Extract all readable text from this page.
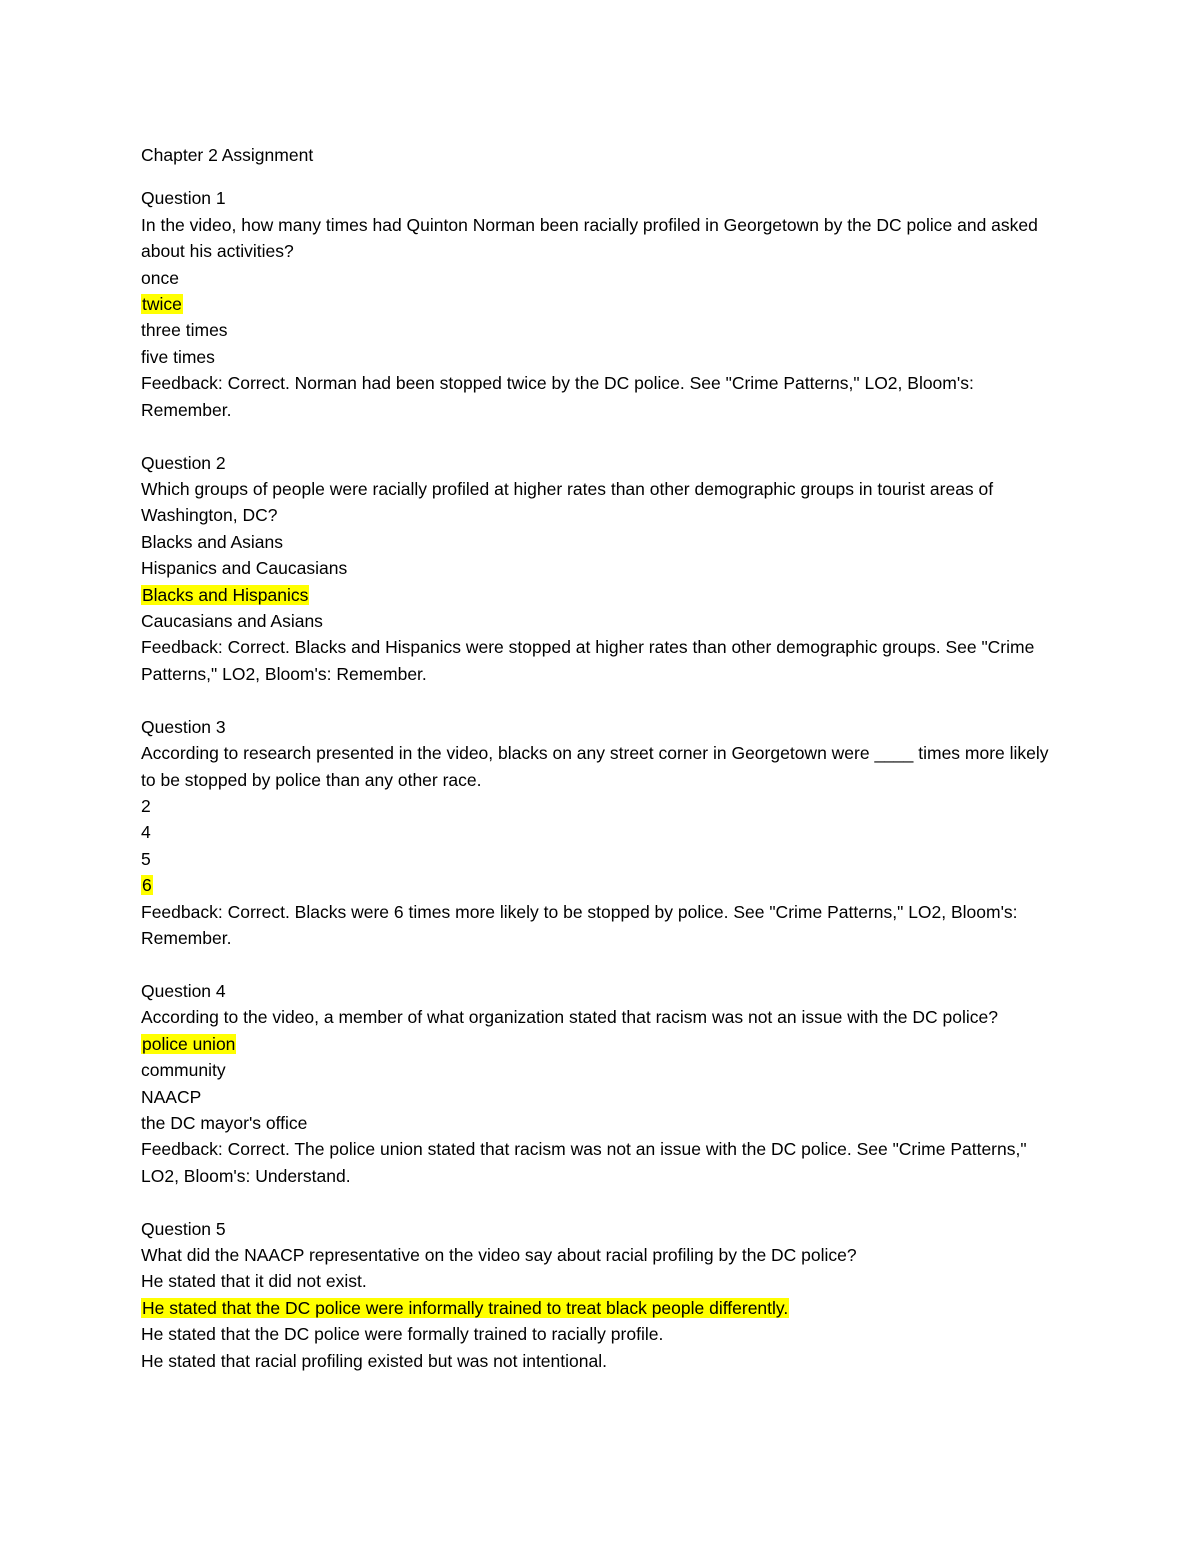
Chapter 2 Assignment

Question 1
In the video, how many times had Quinton Norman been racially profiled in Georgetown by the DC police and asked about his activities?
once
twice
three times
five times
Feedback: Correct. Norman had been stopped twice by the DC police. See "Crime Patterns," LO2, Bloom's: Remember.
Question 2
Which groups of people were racially profiled at higher rates than other demographic groups in tourist areas of Washington, DC?
Blacks and Asians
Hispanics and Caucasians
Blacks and Hispanics
Caucasians and Asians
Feedback: Correct. Blacks and Hispanics were stopped at higher rates than other demographic groups. See "Crime Patterns," LO2, Bloom's: Remember.
Question 3
According to research presented in the video, blacks on any street corner in Georgetown were ____ times more likely to be stopped by police than any other race.
2
4
5
6
Feedback: Correct. Blacks were 6 times more likely to be stopped by police. See "Crime Patterns," LO2, Bloom's: Remember.
Question 4
According to the video, a member of what organization stated that racism was not an issue with the DC police?
police union
community
NAACP
the DC mayor's office
Feedback: Correct. The police union stated that racism was not an issue with the DC police. See "Crime Patterns," LO2, Bloom's: Understand.
Question 5
What did the NAACP representative on the video say about racial profiling by the DC police?
He stated that it did not exist.
He stated that the DC police were informally trained to treat black people differently.
He stated that the DC police were formally trained to racially profile.
He stated that racial profiling existed but was not intentional.
